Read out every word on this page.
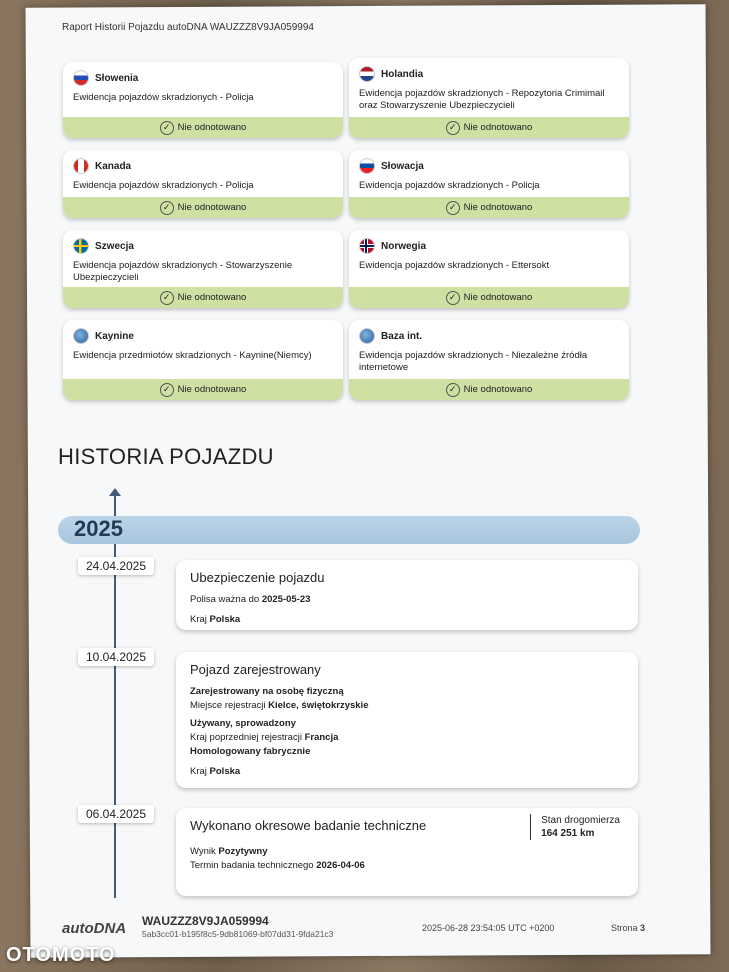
Raport Historii Pojazdu autoDNA WAUZZZ8V9JA059994
Słowenia
Ewidencja pojazdów skradzionych - Policja
✓ Nie odnotowano
Holandia
Ewidencja pojazdów skradzionych - Repozytoria Crimimail oraz Stowarzyszenie Ubezpieczycieli
✓ Nie odnotowano
Kanada
Ewidencja pojazdów skradzionych - Policja
✓ Nie odnotowano
Słowacja
Ewidencja pojazdów skradzionych - Policja
✓ Nie odnotowano
Szwecja
Ewidencja pojazdów skradzionych - Stowarzyszenie Ubezpieczycieli
✓ Nie odnotowano
Norwegia
Ewidencja pojazdów skradzionych - Ettersokt
✓ Nie odnotowano
Kaynine
Ewidencja przedmiotów skradzionych - Kaynine(Niemcy)
✓ Nie odnotowano
Baza int.
Ewidencja pojazdów skradzionych - Niezależne źródła internetowe
✓ Nie odnotowano
HISTORIA POJAZDU
2025
24.04.2025
Ubezpieczenie pojazdu
Polisa ważna do 2025-05-23
Kraj Polska
10.04.2025
Pojazd zarejestrowany
Zarejestrowany na osobę fizyczną
Miejsce rejestracji Kielce, świętokrzyskie
Używany, sprowadzony
Kraj poprzedniej rejestracji Francja
Homologowany fabrycznie
Kraj Polska
06.04.2025
Wykonano okresowe badanie techniczne	Stan drogomierza
164 251 km
Wynik Pozytywny
Termin badania technicznego 2026-04-06
autoDNA WAUZZZ8V9JA059994
5ab3cc01-b195f8c5-9db81069-bf07dd31-9fda21c3
2025-06-28 23:54:05 UTC +0200	Strona 3
OTOMOTO
